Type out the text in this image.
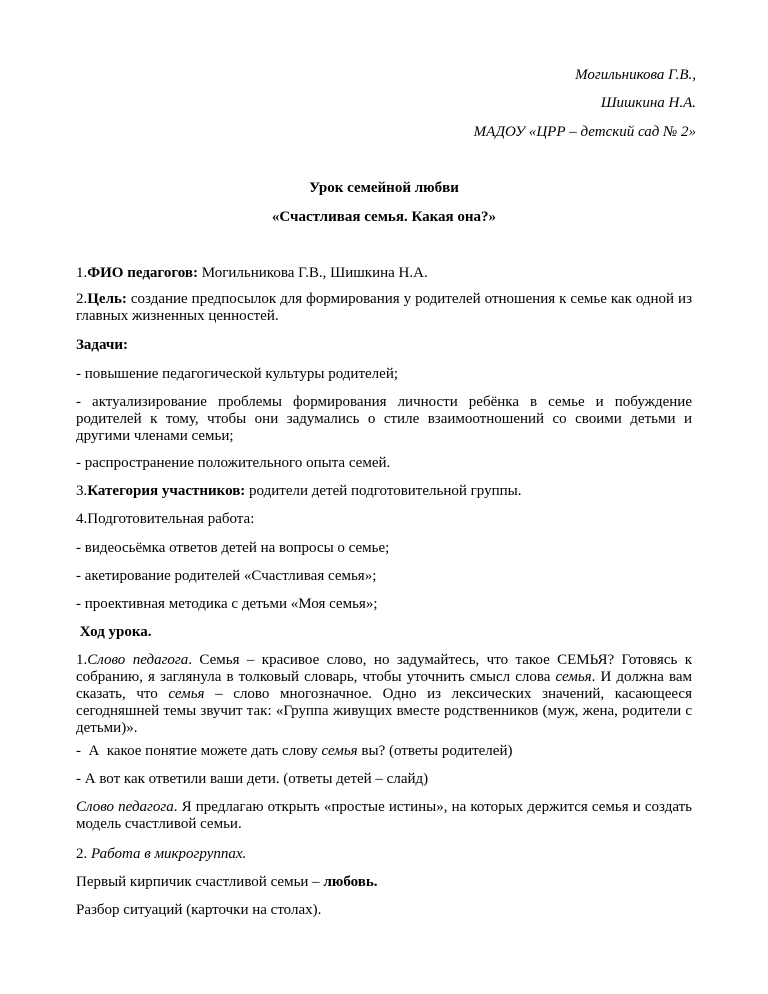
Могильникова Г.В.,
Шишкина Н.А.
МАДОУ «ЦРР – детский сад № 2»
Урок семейной любви
«Счастливая семья. Какая она?»
1.ФИО педагогов: Могильникова Г.В., Шишкина Н.А.
2.Цель: создание предпосылок для формирования у родителей отношения к семье как одной из главных жизненных ценностей.
Задачи:
- повышение педагогической культуры родителей;
- актуализирование проблемы формирования личности ребёнка в семье и побуждение родителей к тому, чтобы они задумались о стиле взаимоотношений со своими детьми и другими членами семьи;
- распространение положительного опыта семей.
3.Категория участников: родители детей подготовительной группы.
4.Подготовительная работа:
- видеосьёмка ответов детей на вопросы о семье;
- акетирование родителей «Счастливая семья»;
- проективная методика с детьми «Моя семья»;
Ход урока.
1.Слово педагога. Семья – красивое слово, но задумайтесь, что такое СЕМЬЯ? Готовясь к собранию, я заглянула в толковый словарь, чтобы уточнить смысл слова семья. И должна вам сказать, что семья – слово многозначное. Одно из лексических значений, касающееся сегодняшней темы звучит так: «Группа живущих вместе родственников (муж, жена, родители с детьми)».
-  А  какое понятие можете дать слову семья вы? (ответы родителей)
- А вот как ответили ваши дети. (ответы детей – слайд)
Слово педагога. Я предлагаю открыть «простые истины», на которых держится семья и создать модель счастливой семьи.
2. Работа в микрогруппах.
Первый кирпичик счастливой семьи – любовь.
Разбор ситуаций (карточки на столах).
